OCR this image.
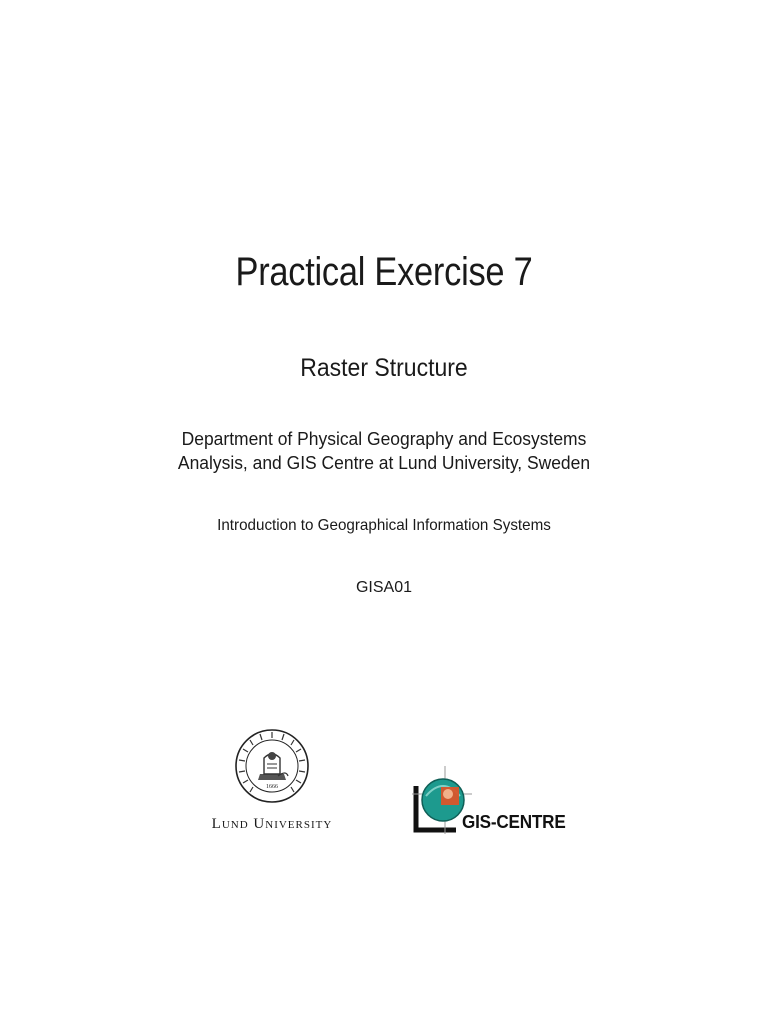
Practical Exercise 7
Raster Structure
Department of Physical Geography and Ecosystems
Analysis, and GIS Centre at Lund University, Sweden
Introduction to Geographical Information Systems
GISA01
1666
Lund University	GIS-CENTRE
